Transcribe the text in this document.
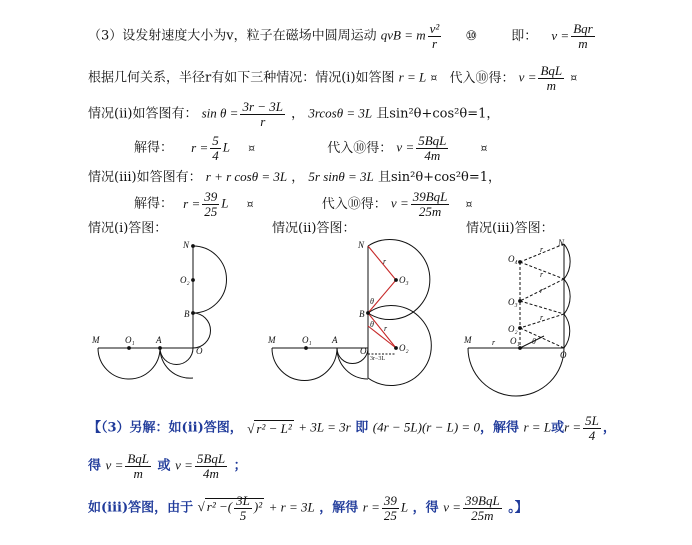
（3）设发射速度大小为v，粒子在磁场中圆周运动 qvB = m $\frac{\text{v²}}{r}$ ⑩	即： $v = \frac{\text{Bqr}}{m}$
根据几何关系，半径r有如下三种情况：情况(i)如答图 r = L ¤ 代入⑩得： $v = \frac{\text{BqL}}{m}$ ¤
情况(ii)如答图有： $\sin \theta = \frac{3r - 3L}{r}$ ， 3rcosθ = 3L 且sin²θ+cos²θ=1，
解得： $r = \frac{5}{4}$ L ¤	代入⑩得： $v = \frac{\text{5BqL}}{4m}$	¤
情况(iii)如答图有： r + r cosθ = 3L ， 5r sinθ = 3L 且sin²θ+cos²θ=1，
解得： $r = \frac{39}{25}$ L ¤	代入⑩得： $v = \frac{\text{39BqL}}{25m}$ ¤
情况(i)答图：	情况(ii)答图：	情况(iii)答图：
N
O₂
B
M	O₁ A
O
N
r
O₃
θ
B
θ r
M	O₁ A
O
3r−3L
O₂
N
O₄
r
r
O₃
r
O₂
r
M	r O₁ θ
O
【（3）另解：如(ii)答图， √ r² − L² + 3L = 3r 即 (4r − 5L)(r − L) = 0，解得 r = L或$r = \frac{5L}{4}$ ，
得 $v = \frac{\text{BqL}}{m}$ 或 $v = \frac{\text{5BqL}}{4m}$ ；
如(iii)答图，由于 √ r² −( $\frac{3L}{5} )^2 + r = 3L$ ，解得 $r = \frac{39}{25}$ L ，得 $v = \frac{\text{39BqL}}{25m}$ 。】
